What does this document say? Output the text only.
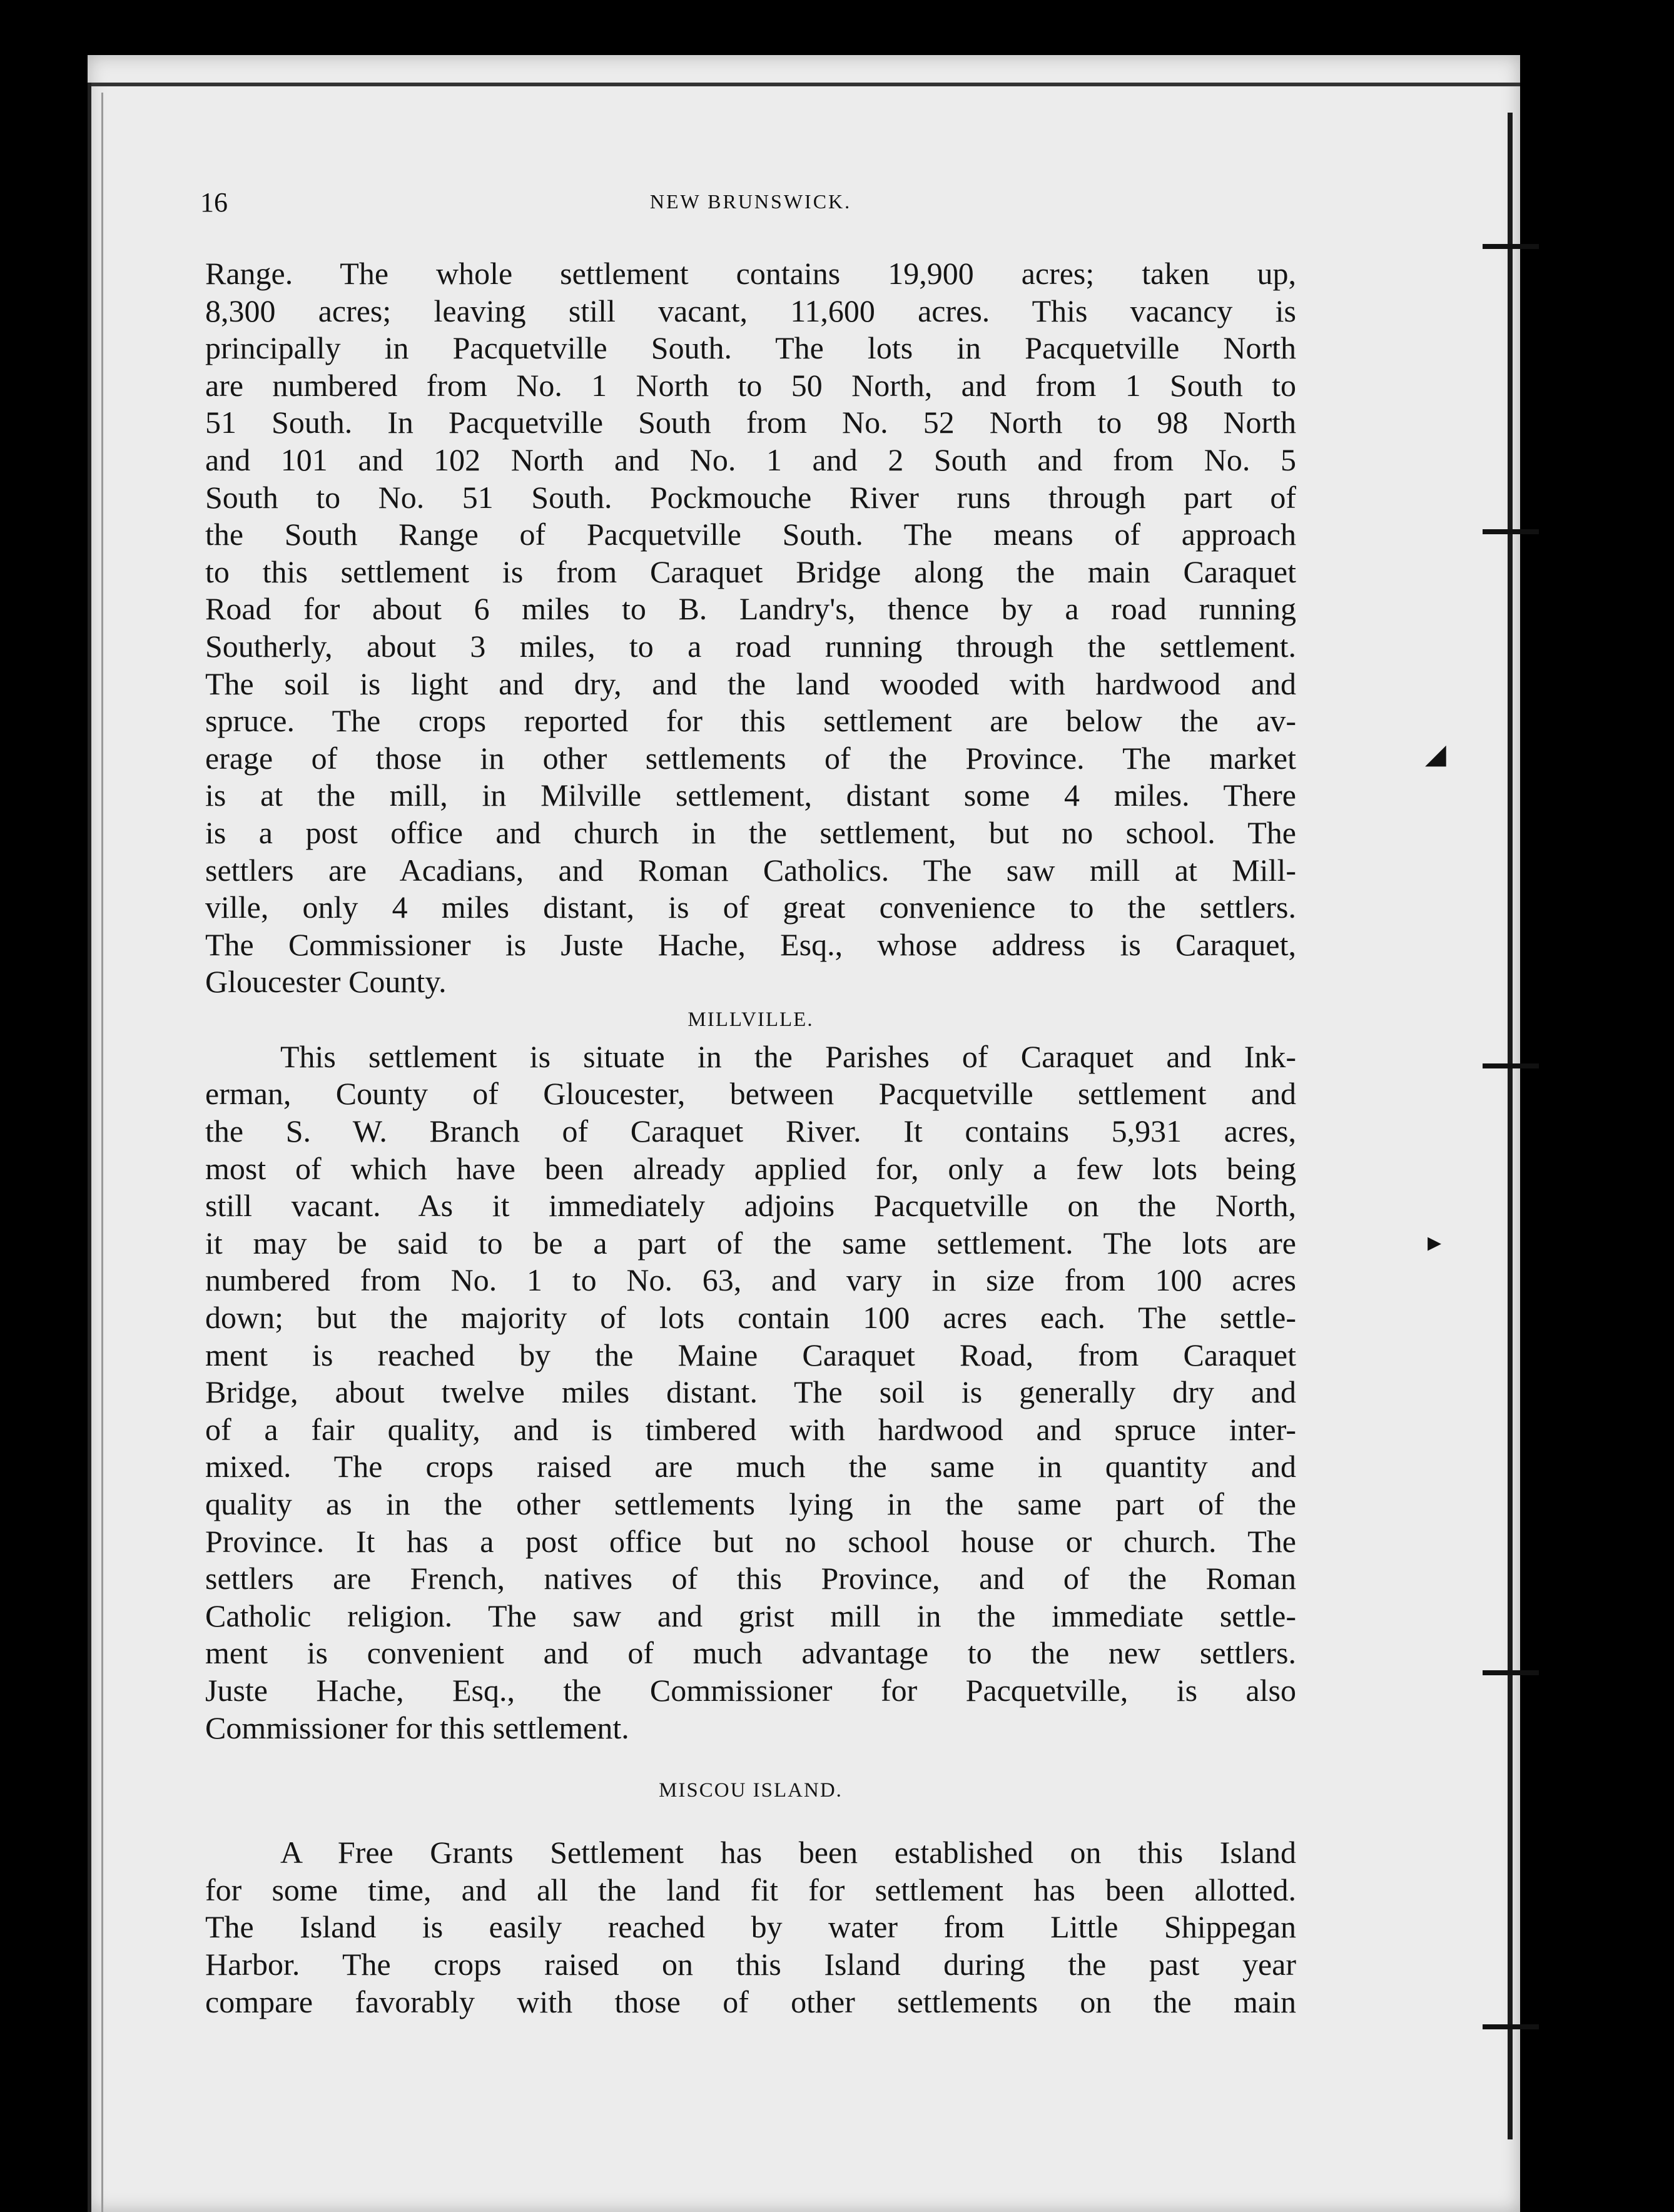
◢
▸
16	NEW BRUNSWICK.

Range. The whole settlement contains 19,900 acres; taken up,

8,300 acres; leaving still vacant, 11,600 acres. This vacancy is

principally in Pacquetville South. The lots in Pacquetville North

are numbered from No. 1 North to 50 North, and from 1 South to

51 South. In Pacquetville South from No. 52 North to 98 North

and 101 and 102 North and No. 1 and 2 South and from No. 5

South to No. 51 South. Pockmouche River runs through part of

the South Range of Pacquetville South. The means of approach

to this settlement is from Caraquet Bridge along the main Caraquet

Road for about 6 miles to B. Landry's, thence by a road running

Southerly, about 3 miles, to a road running through the settlement.

The soil is light and dry, and the land wooded with hardwood and

spruce. The crops reported for this settlement are below the av-

erage of those in other settlements of the Province. The market

is at the mill, in Milville settlement, distant some 4 miles. There

is a post office and church in the settlement, but no school. The

settlers are Acadians, and Roman Catholics. The saw mill at Mill-

ville, only 4 miles distant, is of great convenience to the settlers.

The Commissioner is Juste Hache, Esq., whose address is Caraquet,

Gloucester County.

MILLVILLE.

This settlement is situate in the Parishes of Caraquet and Ink-

erman, County of Gloucester, between Pacquetville settlement and

the S. W. Branch of Caraquet River. It contains 5,931 acres,

most of which have been already applied for, only a few lots being

still vacant. As it immediately adjoins Pacquetville on the North,

it may be said to be a part of the same settlement. The lots are

numbered from No. 1 to No. 63, and vary in size from 100 acres

down; but the majority of lots contain 100 acres each. The settle-

ment is reached by the Maine Caraquet Road, from Caraquet

Bridge, about twelve miles distant. The soil is generally dry and

of a fair quality, and is timbered with hardwood and spruce inter-

mixed. The crops raised are much the same in quantity and

quality as in the other settlements lying in the same part of the

Province. It has a post office but no school house or church. The

settlers are French, natives of this Province, and of the Roman

Catholic religion. The saw and grist mill in the immediate settle-

ment is convenient and of much advantage to the new settlers.

Juste Hache, Esq., the Commissioner for Pacquetville, is also

Commissioner for this settlement.

MISCOU ISLAND.

A Free Grants Settlement has been established on this Island

for some time, and all the land fit for settlement has been allotted.

The Island is easily reached by water from Little Shippegan

Harbor. The crops raised on this Island during the past year

compare favorably with those of other settlements on the main
